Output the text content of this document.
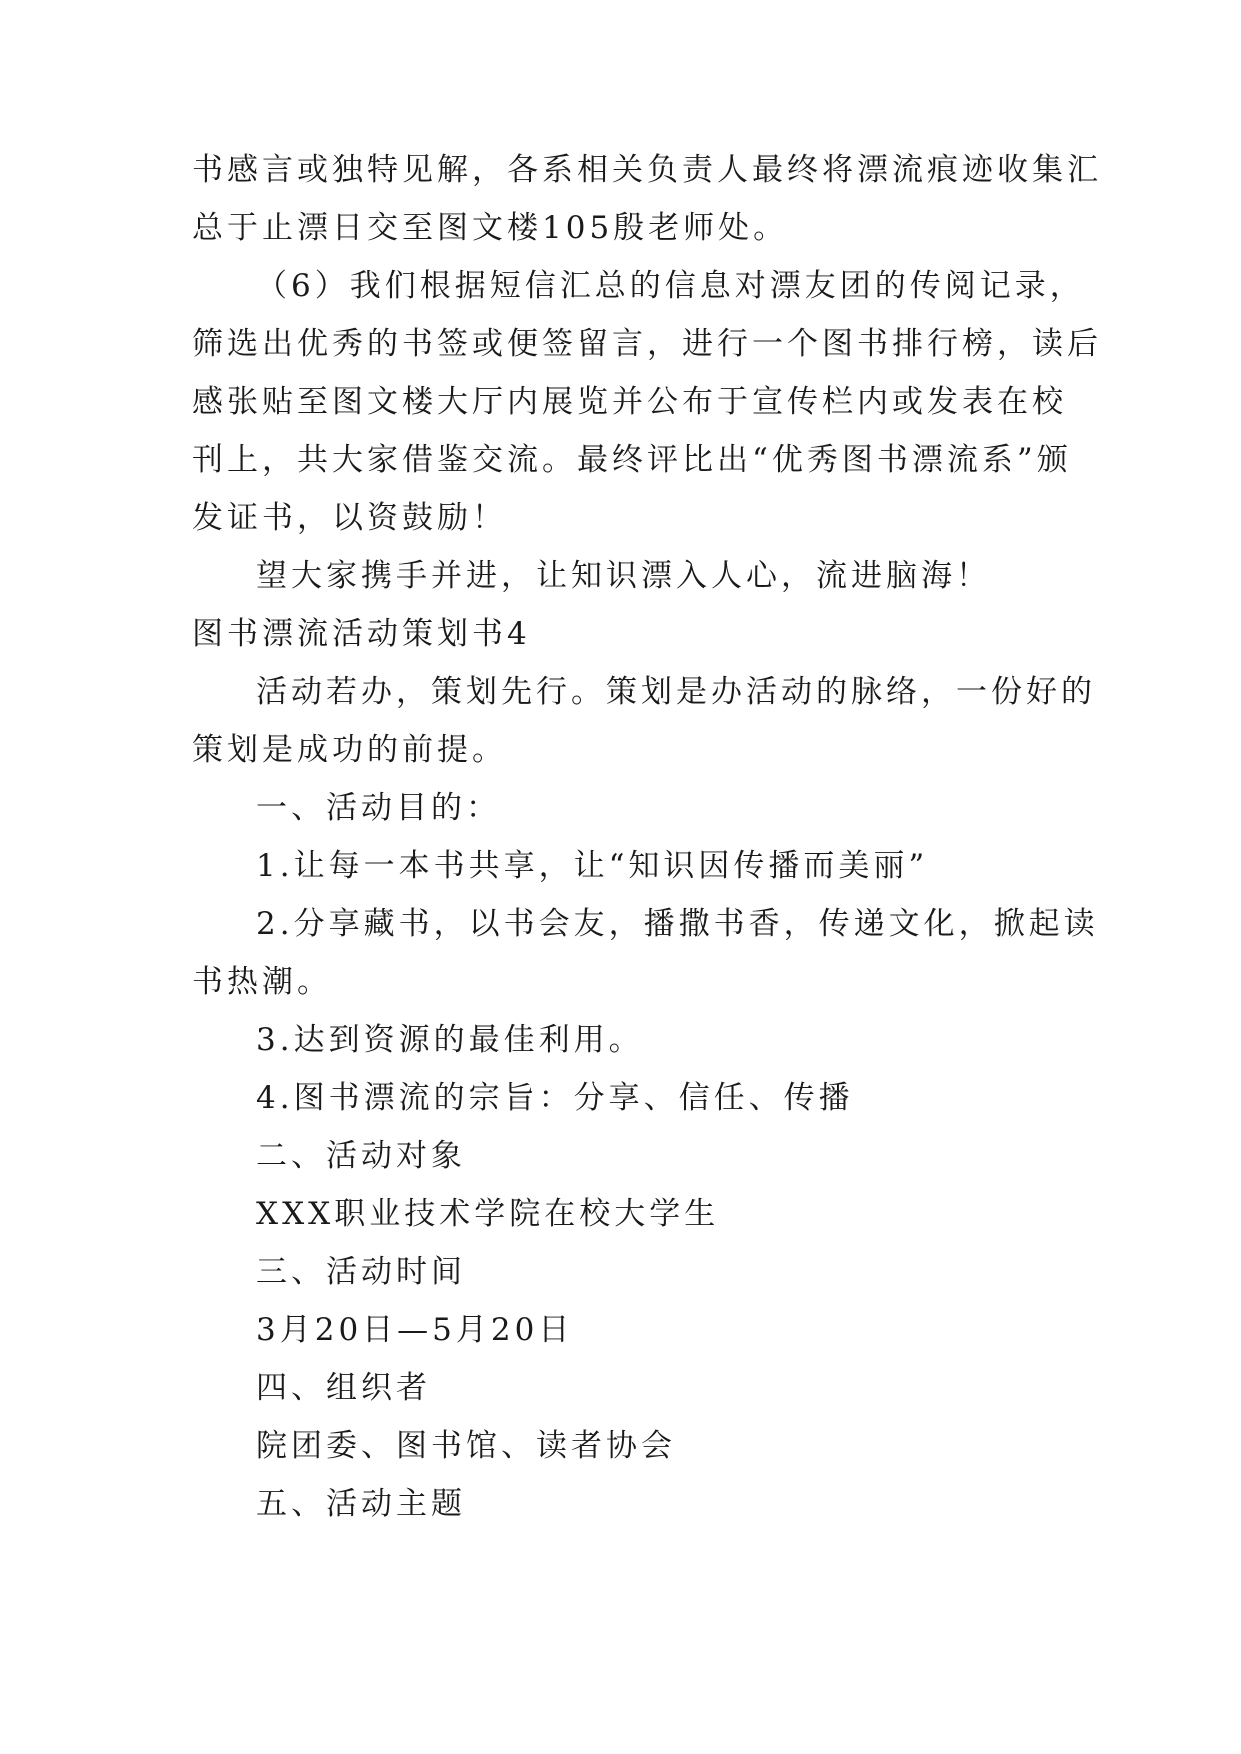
书感言或独特见解，各系相关负责人最终将漂流痕迹收集汇
总于止漂日交至图文楼105殷老师处。
（6）我们根据短信汇总的信息对漂友团的传阅记录，
筛选出优秀的书签或便签留言，进行一个图书排行榜，读后
感张贴至图文楼大厅内展览并公布于宣传栏内或发表在校
刊上，共大家借鉴交流。最终评比出“优秀图书漂流系”颁
发证书，以资鼓励！
望大家携手并进，让知识漂入人心，流进脑海！
图书漂流活动策划书4
活动若办，策划先行。策划是办活动的脉络，一份好的
策划是成功的前提。
一、活动目的：
1.让每一本书共享，让“知识因传播而美丽”
2.分享藏书，以书会友，播撒书香，传递文化，掀起读
书热潮。
3.达到资源的最佳利用。
4.图书漂流的宗旨：分享、信任、传播
二、活动对象
XXX职业技术学院在校大学生
三、活动时间
3月20日—5月20日
四、组织者
院团委、图书馆、读者协会
五、活动主题
